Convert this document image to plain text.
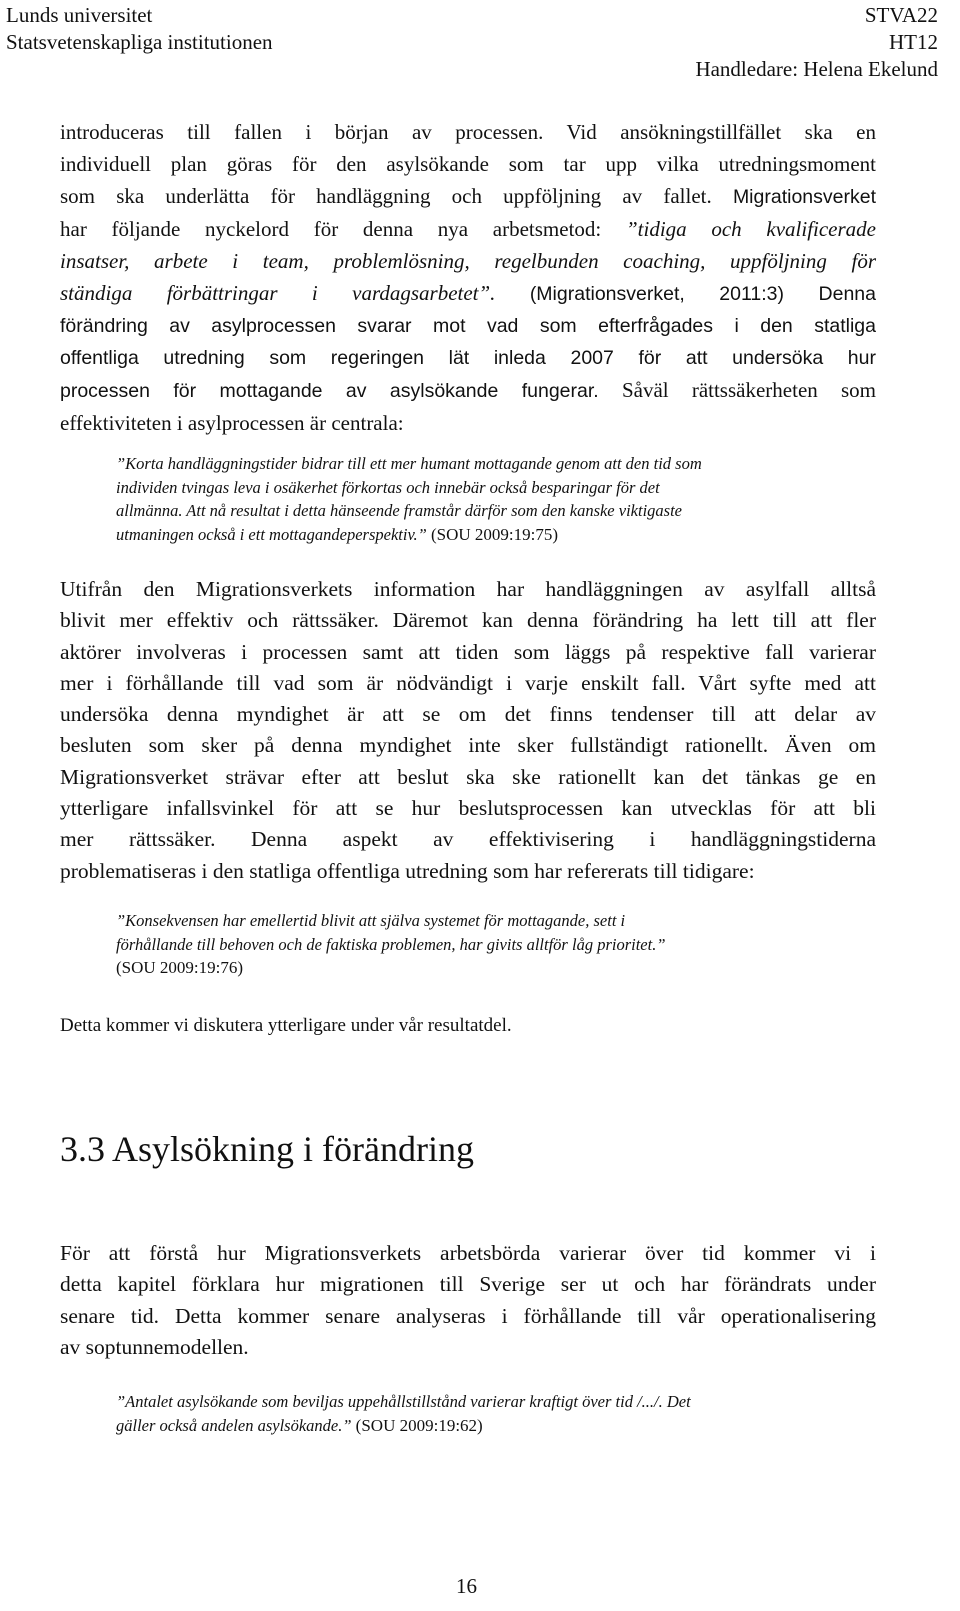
Lunds universitet
Statsvetenskapliga institutionen
STVA22
HT12
Handledare: Helena Ekelund
introduceras till fallen i början av processen. Vid ansökningstillfället ska en
individuell plan göras för den asylsökande som tar upp vilka utredningsmoment
som ska underlätta för handläggning och uppföljning av fallet. Migrationsverket
har följande nyckelord för denna nya arbetsmetod: ”tidiga och kvalificerade
insatser, arbete i team, problemlösning, regelbunden coaching, uppföljning för
ständiga förbättringar i vardagsarbetet”. (Migrationsverket, 2011:3) Denna
förändring av asylprocessen svarar mot vad som efterfrågades i den statliga
offentliga utredning som regeringen lät inleda 2007 för att undersöka hur
processen för mottagande av asylsökande fungerar. Såväl rättssäkerheten som
effektiviteten i asylprocessen är centrala:
”Korta handläggningstider bidrar till ett mer humant mottagande genom att den tid som
individen tvingas leva i osäkerhet förkortas och innebär också besparingar för det
allmänna. Att nå resultat i detta hänseende framstår därför som den kanske viktigaste
utmaningen också i ett mottagandeperspektiv.” (SOU 2009:19:75)
Utifrån den Migrationsverkets information har handläggningen av asylfall alltså
blivit mer effektiv och rättssäker. Däremot kan denna förändring ha lett till att fler
aktörer involveras i processen samt att tiden som läggs på respektive fall varierar
mer i förhållande till vad som är nödvändigt i varje enskilt fall. Vårt syfte med att
undersöka denna myndighet är att se om det finns tendenser till att delar av
besluten som sker på denna myndighet inte sker fullständigt rationellt. Även om
Migrationsverket strävar efter att beslut ska ske rationellt kan det tänkas ge en
ytterligare infallsvinkel för att se hur beslutsprocessen kan utvecklas för att bli
mer rättssäker. Denna aspekt av effektivisering i handläggningstiderna
problematiseras i den statliga offentliga utredning som har refererats till tidigare:
”Konsekvensen har emellertid blivit att själva systemet för mottagande, sett i
förhållande till behoven och de faktiska problemen, har givits alltför låg prioritet.”
(SOU 2009:19:76)
Detta kommer vi diskutera ytterligare under vår resultatdel.
3.3 Asylsökning i förändring
För att förstå hur Migrationsverkets arbetsbörda varierar över tid kommer vi i
detta kapitel förklara hur migrationen till Sverige ser ut och har förändrats under
senare tid. Detta kommer senare analyseras i förhållande till vår operationalisering
av soptunnemodellen.
”Antalet asylsökande som beviljas uppehållstillstånd varierar kraftigt över tid /.../. Det
gäller också andelen asylsökande.” (SOU 2009:19:62)
16
